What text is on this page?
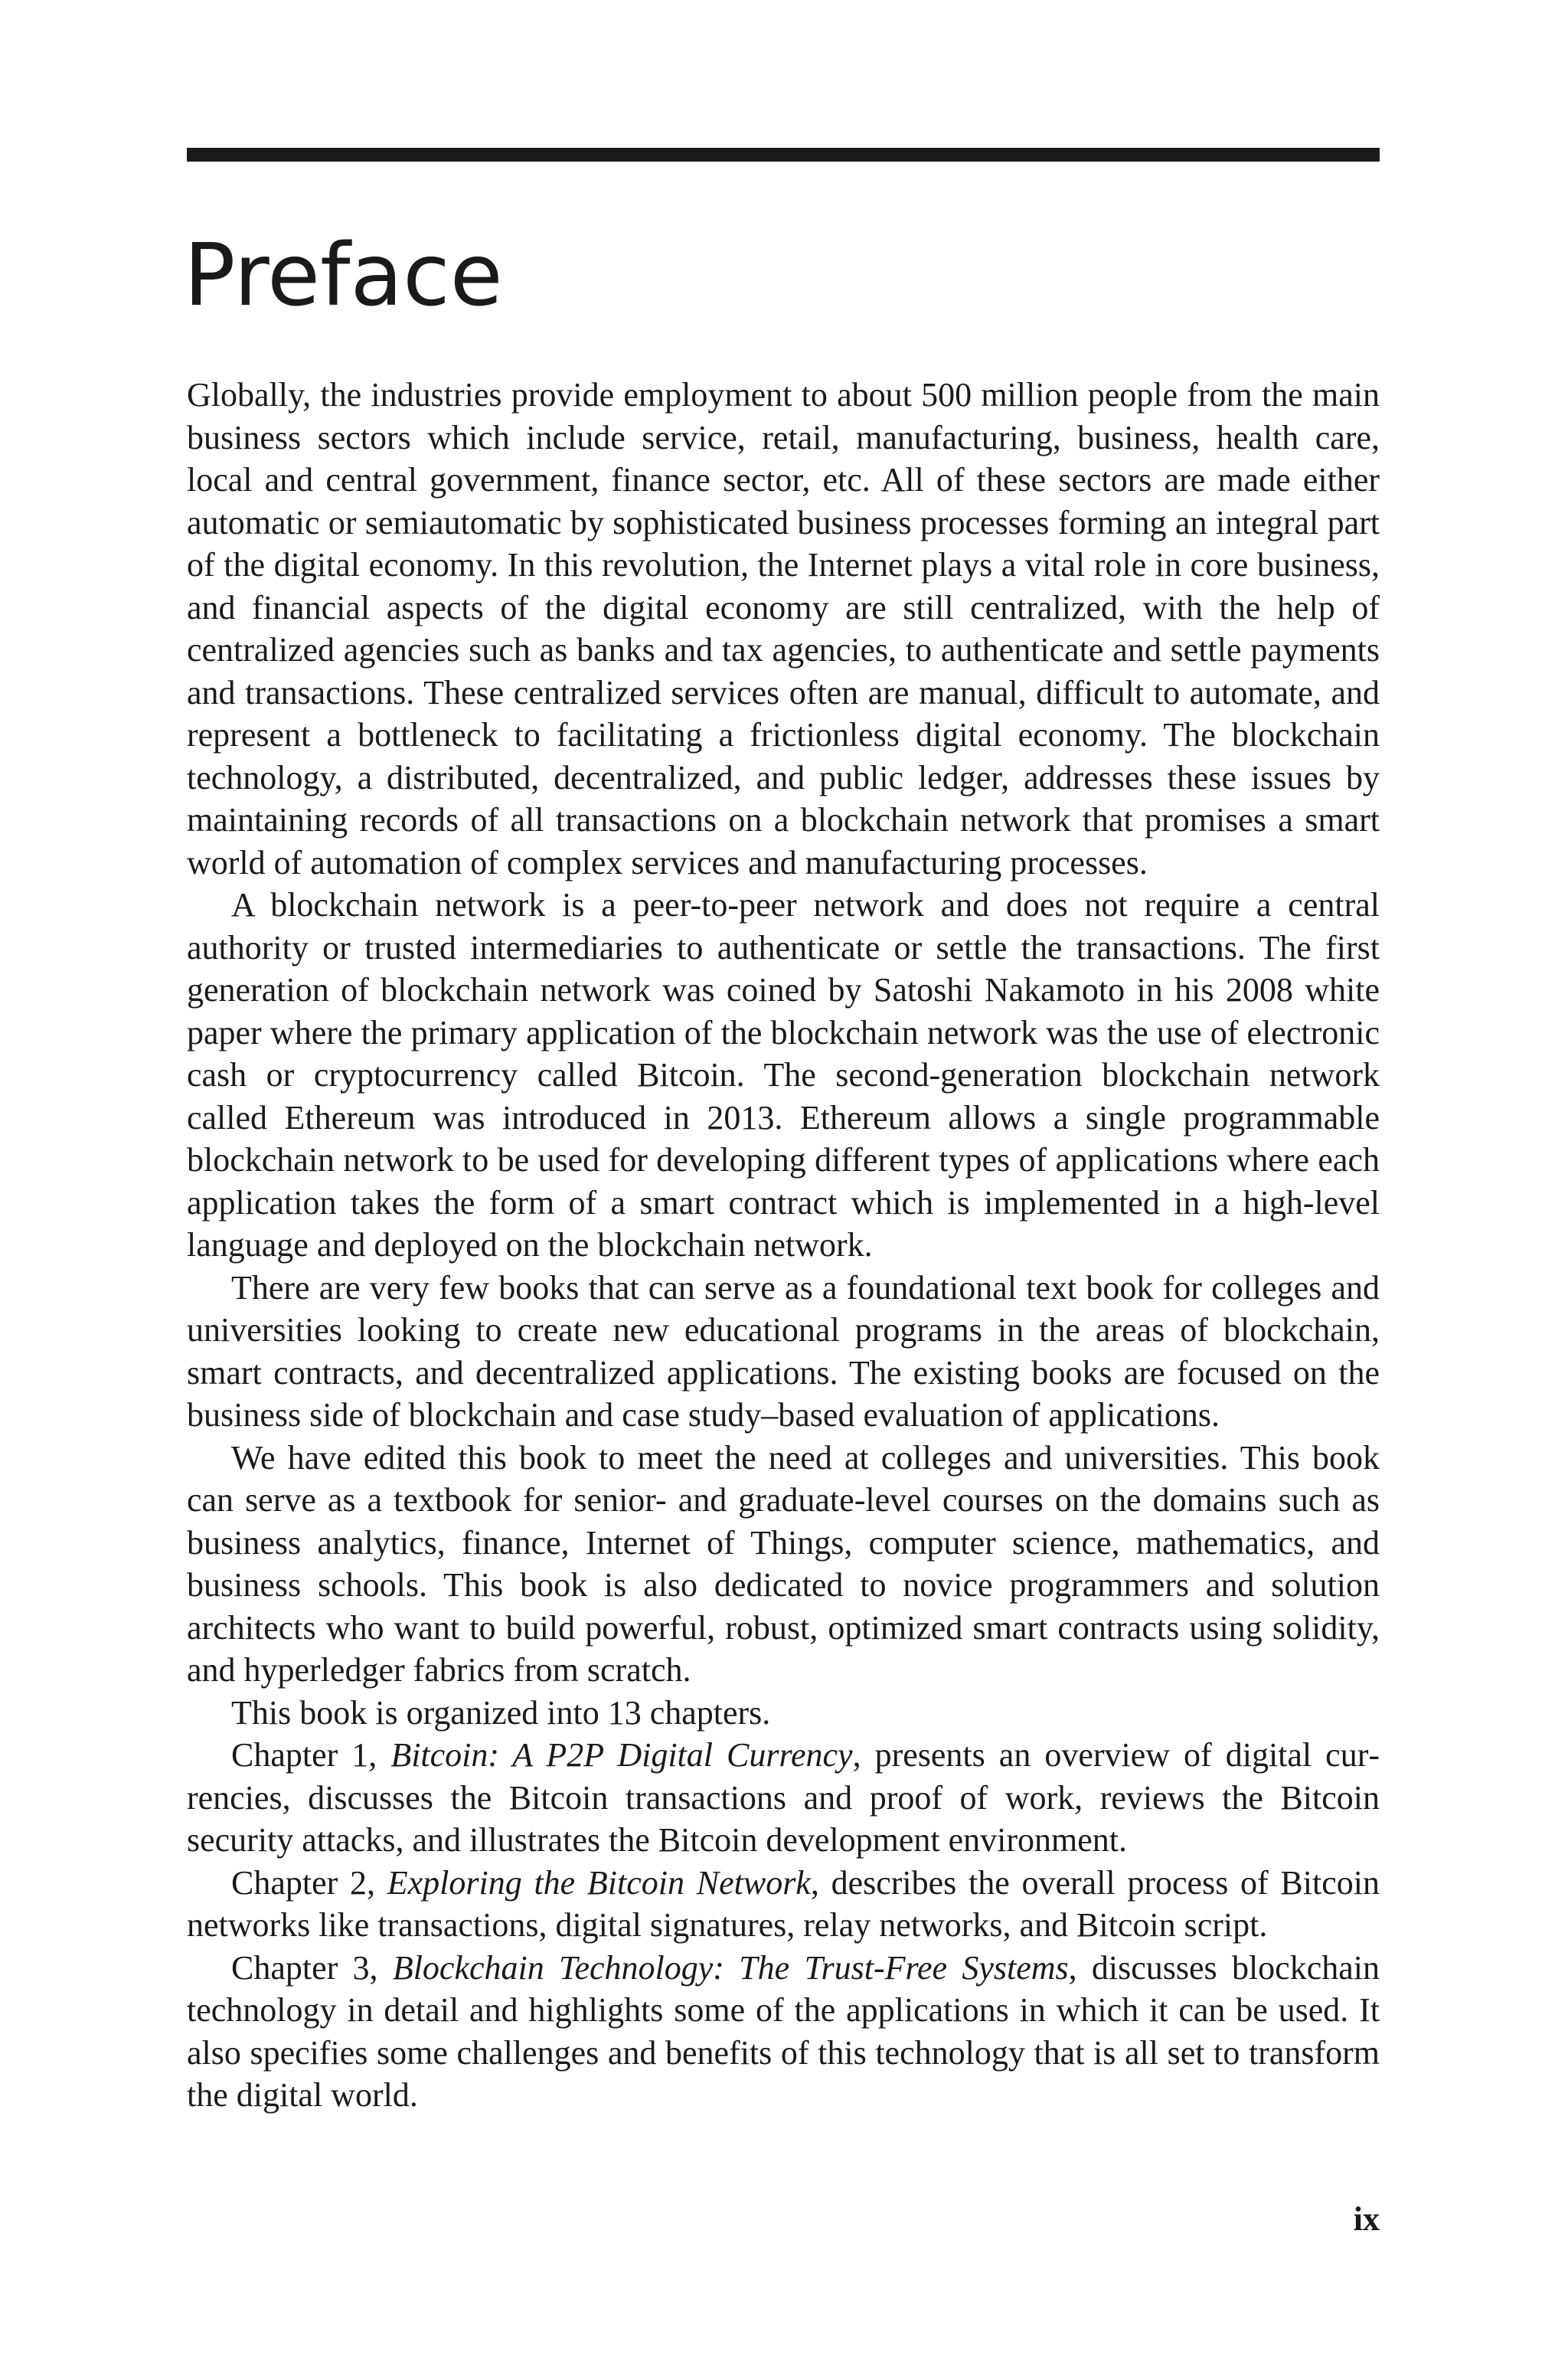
Preface

Globally, the industries provide employment to about 500 million people from the main business sectors which include service, retail, manufacturing, business, health care, local and central government, finance sector, etc. All of these sectors are made either automatic or semiautomatic by sophisticated business processes forming an integral part of the digital economy. In this revolution, the Internet plays a vital role in core business, and financial aspects of the digital economy are still centralized, with the help of centralized agencies such as banks and tax agencies, to authenticate and settle payments and transactions. These centralized services often are manual, difficult to automate, and represent a bottleneck to facilitating a frictionless digital economy. The blockchain technology, a distributed, decentralized, and public ledger, addresses these issues by maintaining records of all transactions on a blockchain network that promises a smart world of automation of complex services and manufacturing processes.

A blockchain network is a peer-to-peer network and does not require a central authority or trusted intermediaries to authenticate or settle the transactions. The first generation of blockchain network was coined by Satoshi Nakamoto in his 2008 white paper where the primary application of the blockchain network was the use of electronic cash or cryptocurrency called Bitcoin. The second-generation blockchain network called Ethereum was introduced in 2013. Ethereum allows a single programmable blockchain network to be used for developing different types of applications where each application takes the form of a smart contract which is implemented in a high-level language and deployed on the blockchain network.

There are very few books that can serve as a foundational text book for colleges and universities looking to create new educational programs in the areas of blockchain, smart contracts, and decentralized applications. The existing books are focused on the business side of blockchain and case study–based evaluation of applications.

We have edited this book to meet the need at colleges and universities. This book can serve as a textbook for senior- and graduate-level courses on the domains such as business analytics, finance, Internet of Things, computer science, mathematics, and business schools. This book is also dedicated to novice programmers and solution architects who want to build powerful, robust, optimized smart contracts using solidity, and hyperledger fabrics from scratch.

This book is organized into 13 chapters.

Chapter 1, Bitcoin: A P2P Digital Currency, presents an overview of digital currencies, discusses the Bitcoin transactions and proof of work, reviews the Bitcoin security attacks, and illustrates the Bitcoin development environment.

Chapter 2, Exploring the Bitcoin Network, describes the overall process of Bitcoin networks like transactions, digital signatures, relay networks, and Bitcoin script.

Chapter 3, Blockchain Technology: The Trust-Free Systems, discusses blockchain technology in detail and highlights some of the applications in which it can be used. It also specifies some challenges and benefits of this technology that is all set to transform the digital world.

ix
